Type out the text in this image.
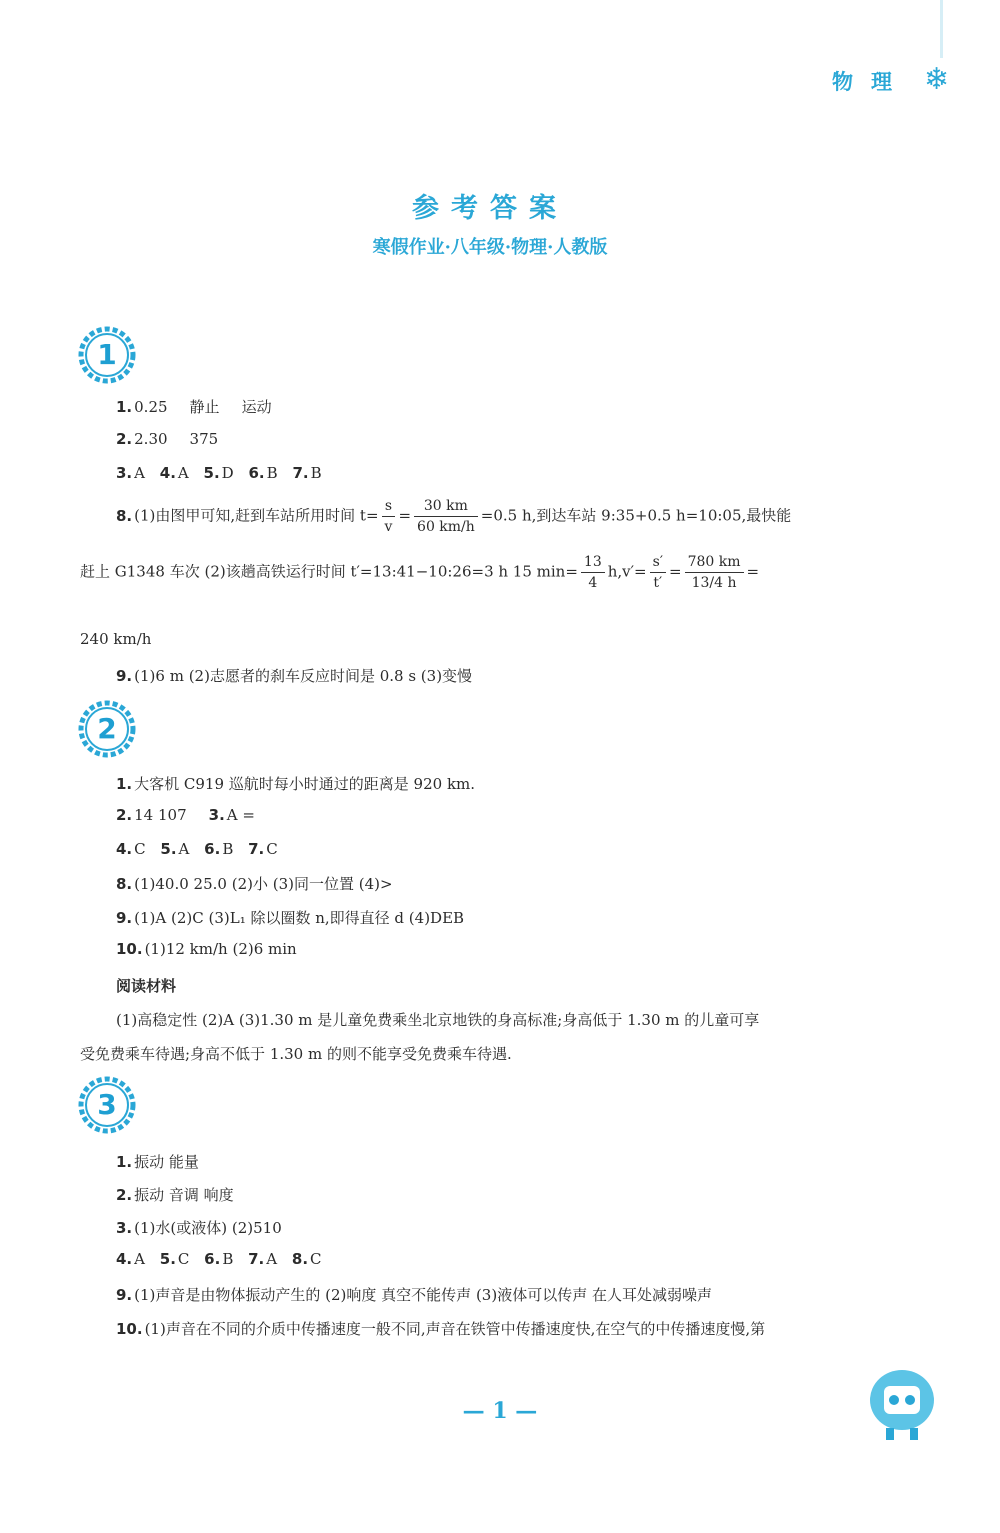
物理 ❄
参考答案
寒假作业·八年级·物理·人教版
1
1. 0.25 静止 运动
2. 2.30 375
3. A 4. A 5. D 6. B 7. B
8. (1)由图甲可知,赶到车站所用时间 $t= \frac{s}{v} = \frac{30 km}{60 km/h} =0.5$ h,到达车站 9:35+0.5 h=10:05,最快能
赶上 G1348 车次 (2)该趟高铁运行时间 t′=13:41−10:26=3 h 15 $\min= \frac{13}{4} h,v'= \frac{s'}{t'} = \frac{780 km}{13/4 h}$ =
240 km/h
9. (1)6 m (2)志愿者的刹车反应时间是 0.8 s (3)变慢
2
1. 大客机 C919 巡航时每小时通过的距离是 920 km.
2. 14 107 3. A =
4. C 5. A 6. B 7. C
8. (1)40.0 25.0 (2)小 (3)同一位置 (4)>
9. (1)A (2)C (3)L₁ 除以圈数 n,即得直径 d (4)DEB
10. (1)12 km/h (2)6 min
阅读材料
(1)高稳定性 (2)A (3)1.30 m 是儿童免费乘坐北京地铁的身高标准;身高低于 1.30 m 的儿童可享
受免费乘车待遇;身高不低于 1.30 m 的则不能享受免费乘车待遇.
3
1. 振动 能量
2. 振动 音调 响度
3. (1)水(或液体) (2)510
4. A 5. C 6. B 7. A 8. C
9. (1)声音是由物体振动产生的 (2)响度 真空不能传声 (3)液体可以传声 在人耳处减弱噪声
10. (1)声音在不同的介质中传播速度一般不同,声音在铁管中传播速度快,在空气的中传播速度慢,第
— 1 —
